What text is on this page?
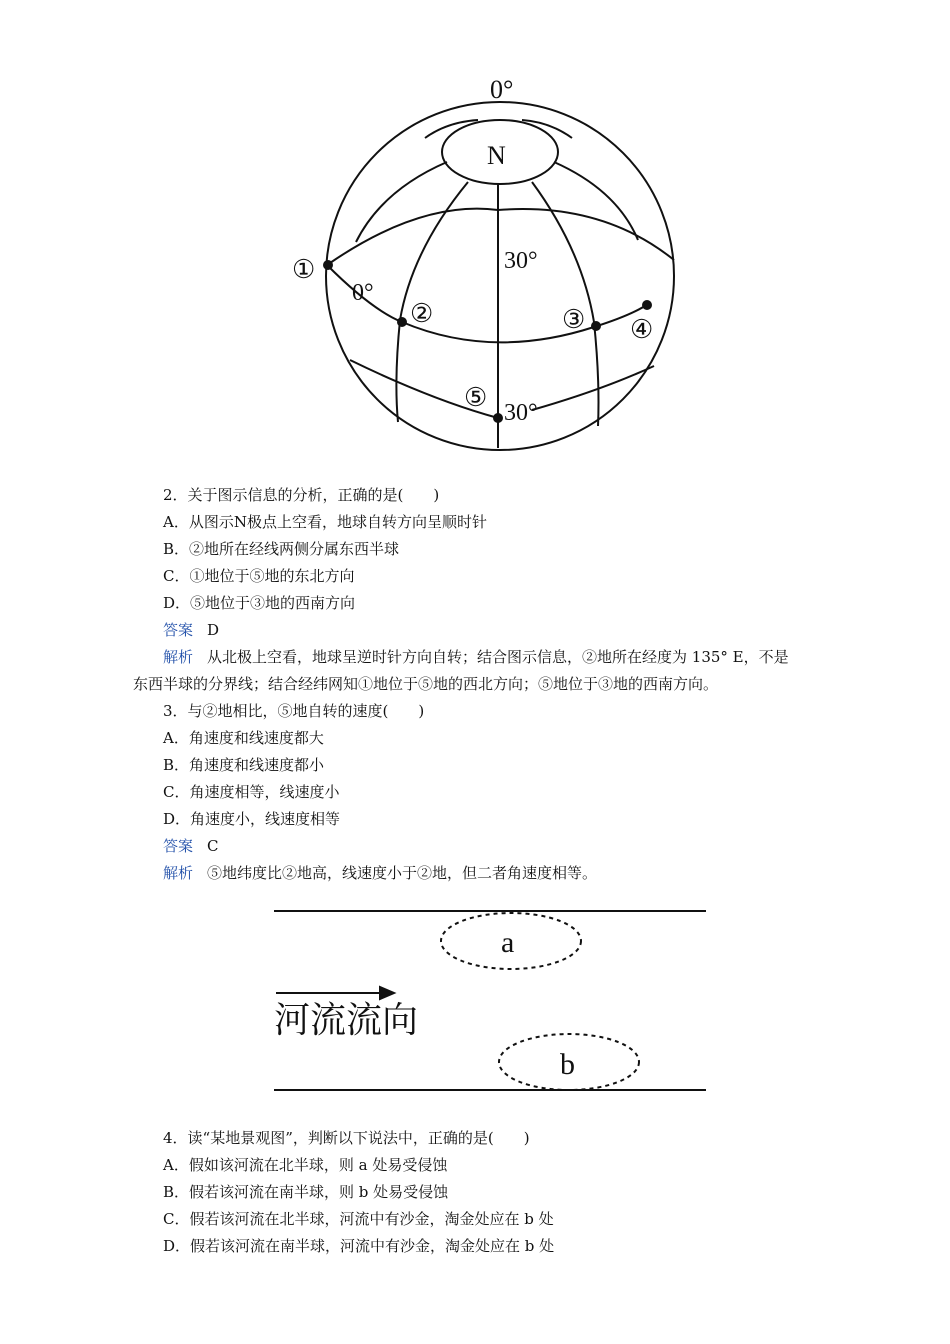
0°
N
30°
0°
30°
①
②	③ ④
⑤
2．关于图示信息的分析，正确的是(　　)
A．从图示N极点上空看，地球自转方向呈顺时针
B．②地所在经线两侧分属东西半球
C．①地位于⑤地的东北方向
D．⑤地位于③地的西南方向
答案 D
解析 从北极上空看，地球呈逆时针方向自转；结合图示信息，②地所在经度为 135° E，不是
东西半球的分界线；结合经纬网知①地位于⑤地的西北方向；⑤地位于③地的西南方向。
3．与②地相比，⑤地自转的速度(　　)
A．角速度和线速度都大
B．角速度和线速度都小
C．角速度相等，线速度小
D．角速度小，线速度相等
答案 C
解析 ⑤地纬度比②地高，线速度小于②地，但二者角速度相等。
河流流向
a
b
4．读“某地景观图”，判断以下说法中，正确的是(　　)
A．假如该河流在北半球，则 a 处易受侵蚀
B．假若该河流在南半球，则 b 处易受侵蚀
C．假若该河流在北半球，河流中有沙金，淘金处应在 b 处
D．假若该河流在南半球，河流中有沙金，淘金处应在 b 处
